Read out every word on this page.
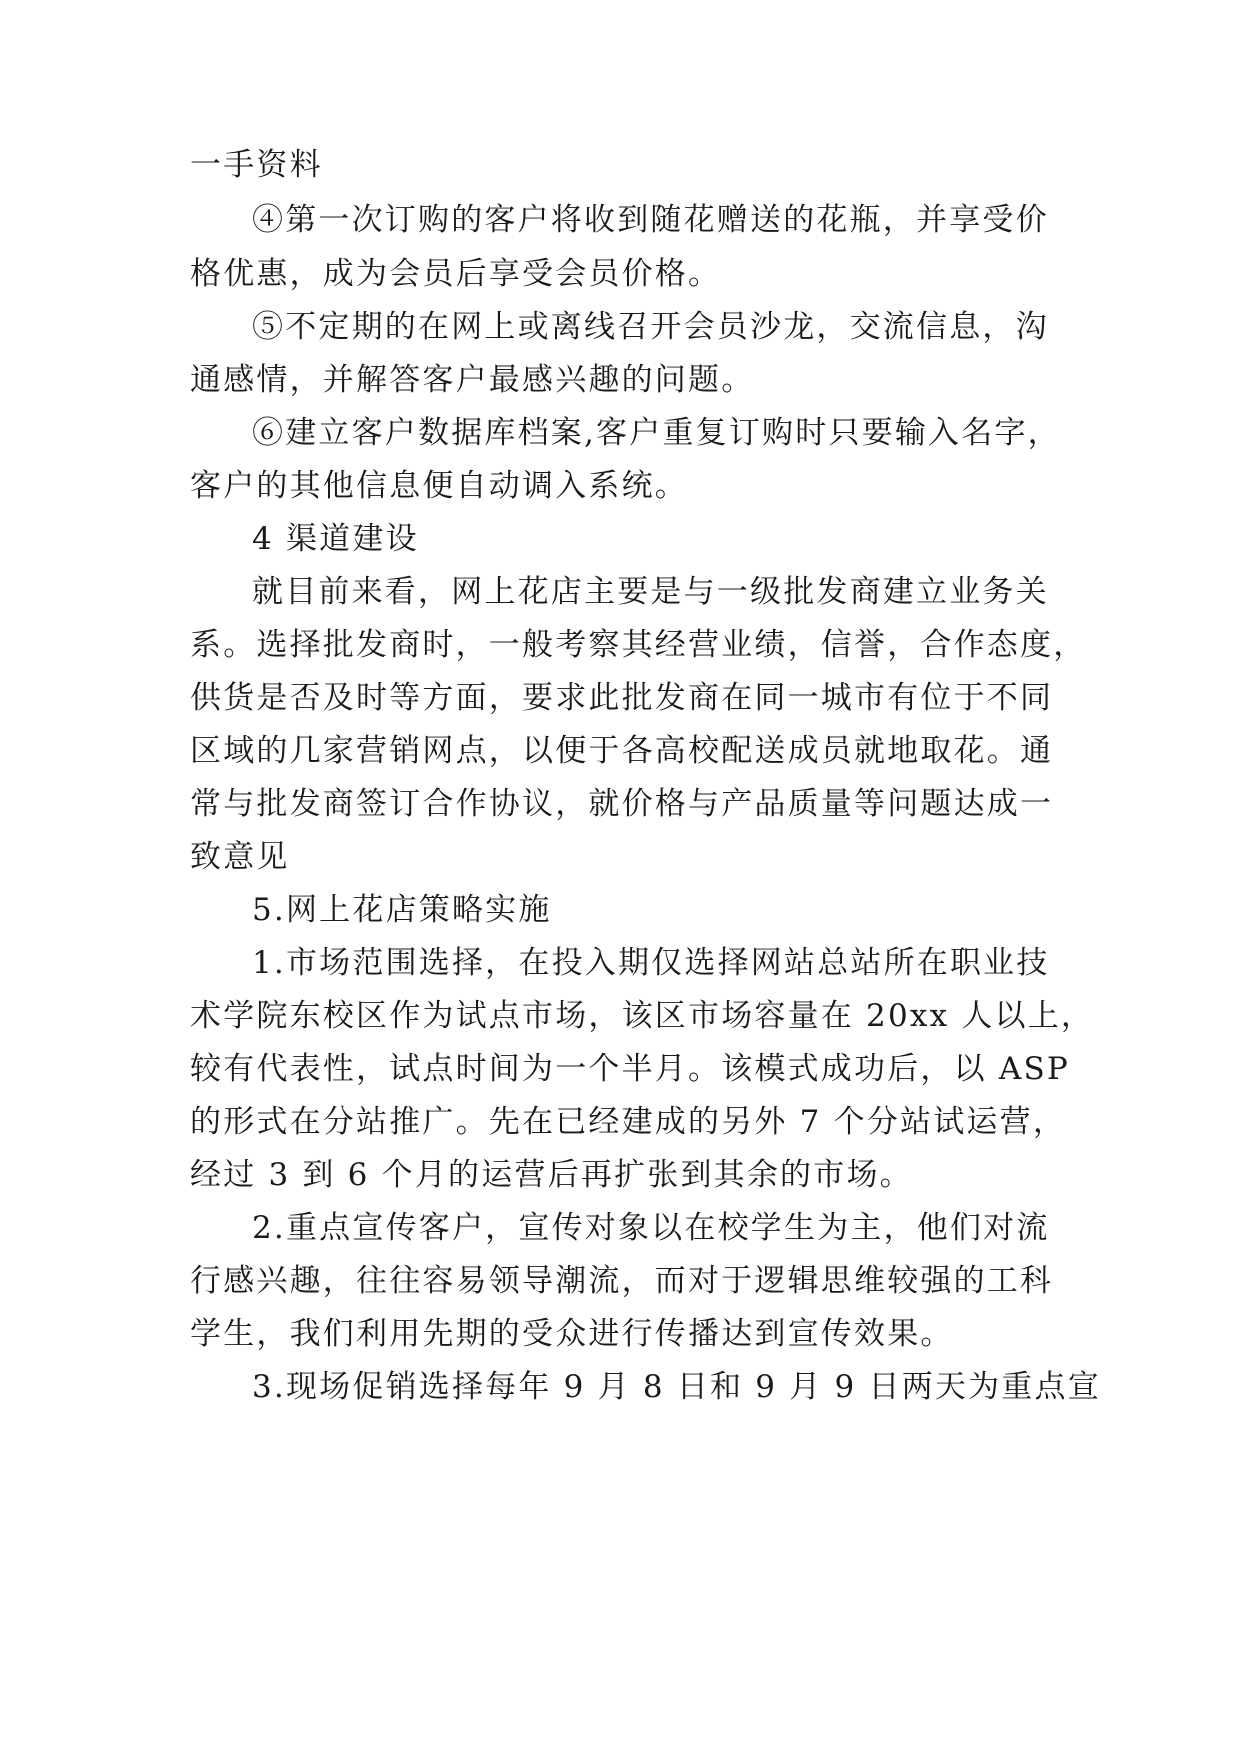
一手资料
④第一次订购的客户将收到随花赠送的花瓶，并享受价
格优惠，成为会员后享受会员价格。
⑤不定期的在网上或离线召开会员沙龙，交流信息，沟
通感情，并解答客户最感兴趣的问题。
⑥建立客户数据库档案,客户重复订购时只要输入名字，
客户的其他信息便自动调入系统。
4 渠道建设
就目前来看，网上花店主要是与一级批发商建立业务关
系。选择批发商时，一般考察其经营业绩，信誉，合作态度，
供货是否及时等方面，要求此批发商在同一城市有位于不同
区域的几家营销网点，以便于各高校配送成员就地取花。通
常与批发商签订合作协议，就价格与产品质量等问题达成一
致意见
5.网上花店策略实施
1.市场范围选择，在投入期仅选择网站总站所在职业技
术学院东校区作为试点市场，该区市场容量在 20xx 人以上，
较有代表性，试点时间为一个半月。该模式成功后，以 ASP
的形式在分站推广。先在已经建成的另外 7 个分站试运营，
经过 3 到 6 个月的运营后再扩张到其余的市场。
2.重点宣传客户，宣传对象以在校学生为主，他们对流
行感兴趣，往往容易领导潮流，而对于逻辑思维较强的工科
学生，我们利用先期的受众进行传播达到宣传效果。
3.现场促销选择每年 9 月 8 日和 9 月 9 日两天为重点宣
